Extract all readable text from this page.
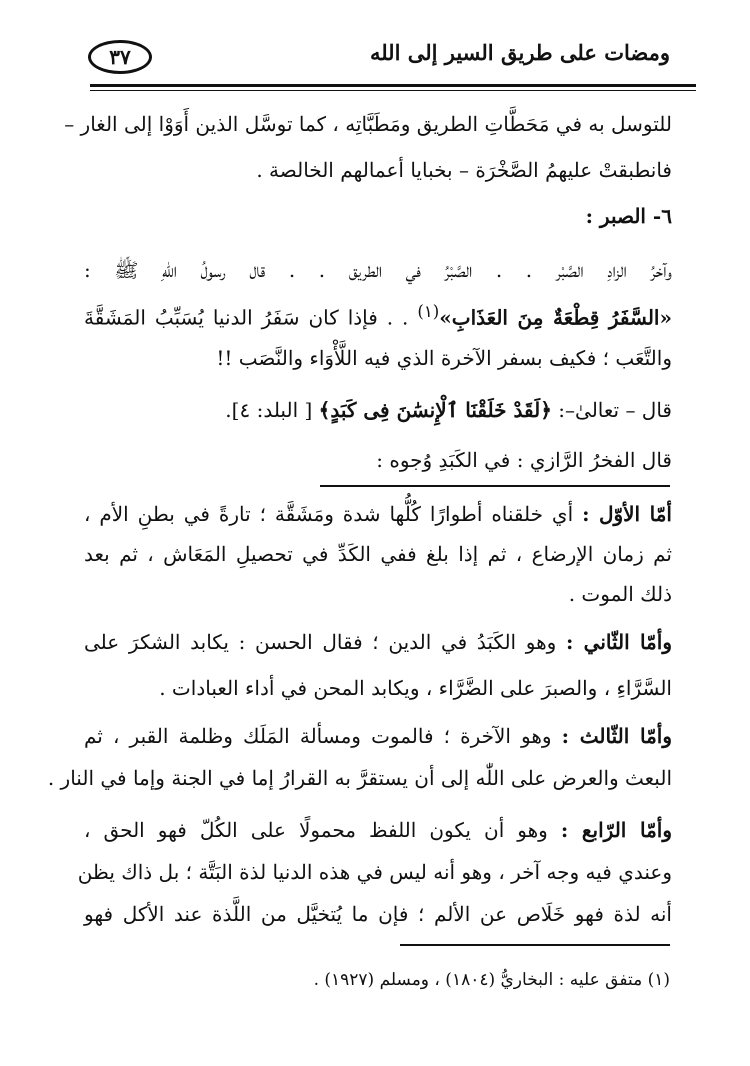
ومضات على طريق السير إلى الله
٣٧
للتوسل به في مَحَطَّاتِ الطريق ومَطَبَّاتِه ، كما توسَّل الذين أَوَوْا إلى الغار –
فانطبقتْ عليهمُ الصَّخْرَة – بخبايا أعمالهم الخالصة .
٦- الصبر :
وآخرُ الزادِ الصَّبْر . . الصَّبْرُ في الطريق . . قال رسولُ اللّٰهِ ﷺ :
«السَّفَرُ قِطْعَةٌ مِنَ العَذَابِ»$^{(١)}$ . . فإذا كان سَفَرُ الدنيا يُسَبِّبُ المَشَقَّةَ
والتَّعَب ؛ فكيف بسفر الآخرة الذي فيه اللَّأْوَاء والنَّصَب !!
قال – تعالىٰ–: ﴿لَقَدْ خَلَقْنَا ٱلْإِنسَٰنَ فِى كَبَدٍ﴾ [ البلد: ٤].
قال الفخرُ الرَّازي : في الكَبَدِ وُجوه :
أمّا الأوّل : أي خلقناه أطوارًا كُلُّها شدة ومَشَقَّة ؛ تارةً في بطنِ الأم ،
ثم زمان الإرضاع ، ثم إذا بلغ ففي الكَدِّ في تحصيلِ المَعَاش ، ثم بعد
ذلك الموت .
وأمّا الثّاني : وهو الكَبَدُ في الدين ؛ فقال الحسن : يكابد الشكرَ على
السَّرَّاءِ ، والصبرَ على الضَّرَّاء ، ويكابد المحن في أداء العبادات .
وأمّا الثّالث : وهو الآخرة ؛ فالموت ومسألة المَلَك وظلمة القبر ، ثم
البعث والعرض على اللّٰه إلى أن يستقرَّ به القرارُ إما في الجنة وإما في النار .
وأمّا الرّابع : وهو أن يكون اللفظ محمولًا على الكُلّ فهو الحق ،
وعندي فيه وجه آخر ، وهو أنه ليس في هذه الدنيا لذة البَتَّة ؛ بل ذاك يظن
أنه لذة فهو خَلَاص عن الألم ؛ فإن ما يُتخيَّل من اللَّذة عند الأكل فهو
(١) متفق عليه : البخاريُّ (١٨٠٤) ، ومسلم (١٩٢٧) .
